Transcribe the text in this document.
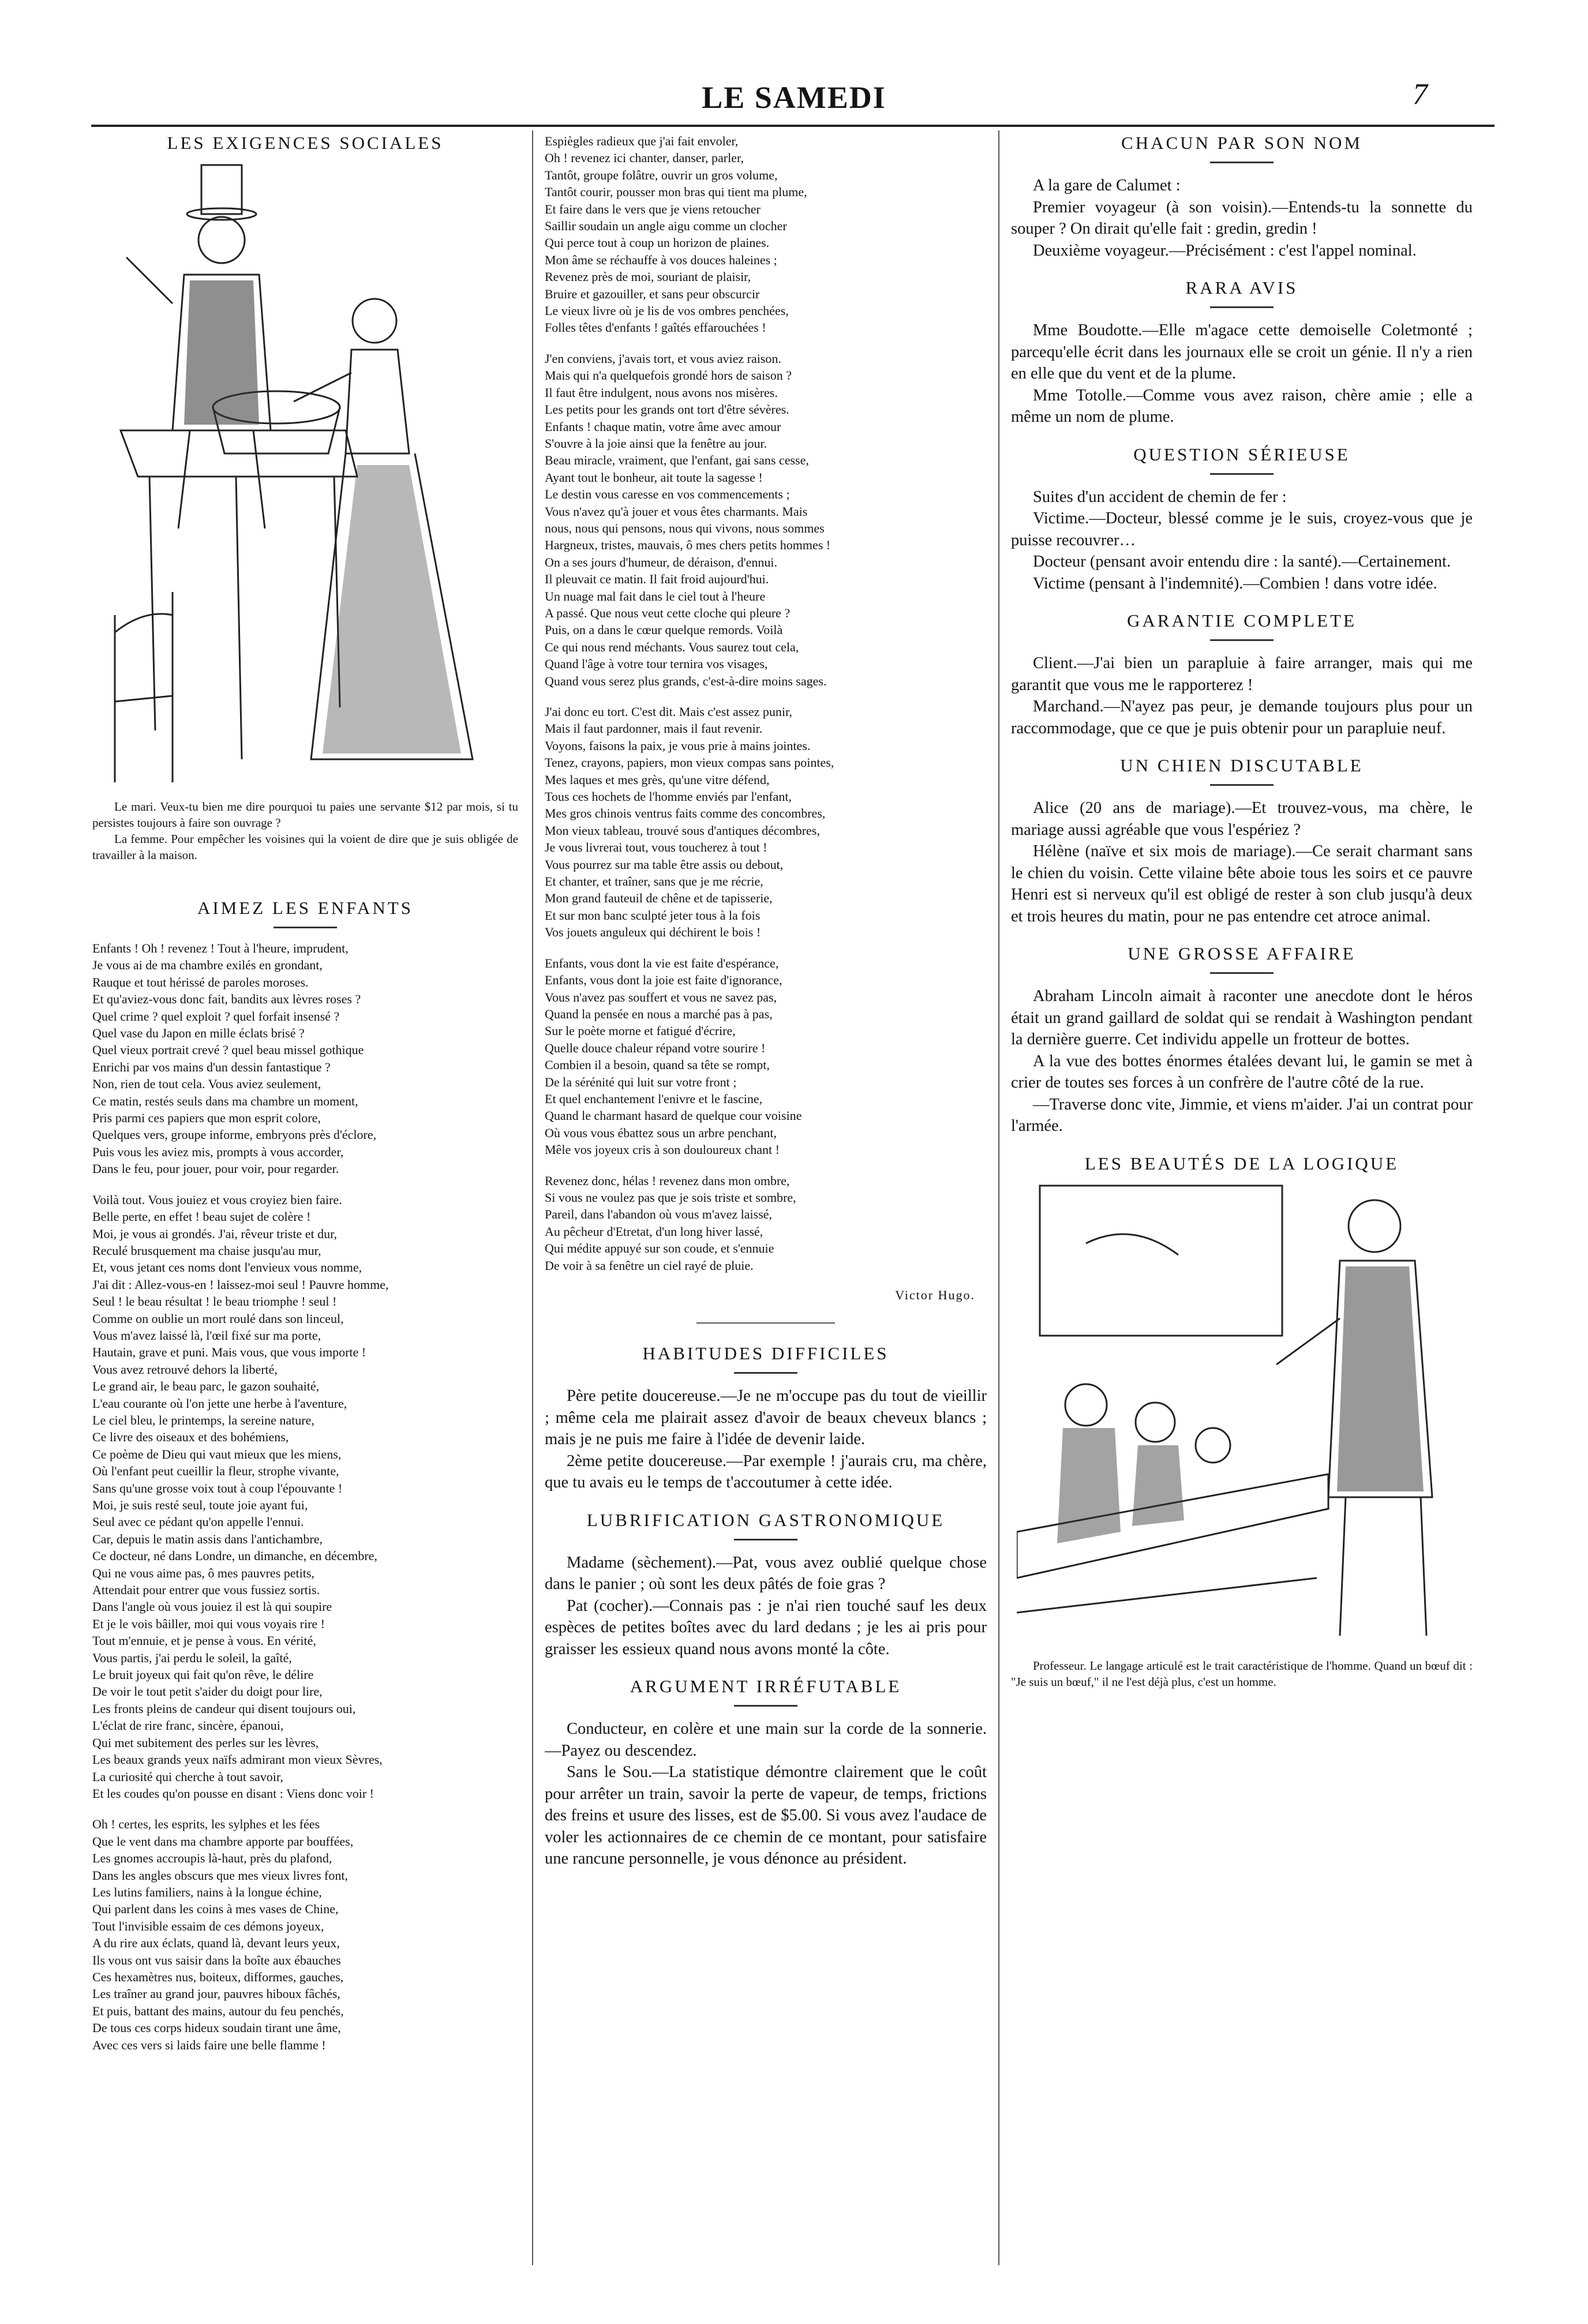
LE SAMEDI	7
LES EXIGENCES SOCIALES

Le mari. Veux-tu bien me dire pourquoi tu paies une servante $12 par mois, si tu persistes toujours à faire son ouvrage ?

La femme. Pour empêcher les voisines qui la voient de dire que je suis obligée de travailler à la maison.

AIMEZ LES ENFANTS

Enfants ! Oh ! revenez ! Tout à l'heure, imprudent,

Je vous ai de ma chambre exilés en grondant,

Rauque et tout hérissé de paroles moroses.

Et qu'aviez-vous donc fait, bandits aux lèvres roses ?

Quel crime ? quel exploit ? quel forfait insensé ?

Quel vase du Japon en mille éclats brisé ?

Quel vieux portrait crevé ? quel beau missel gothique

Enrichi par vos mains d'un dessin fantastique ?

Non, rien de tout cela. Vous aviez seulement,

Ce matin, restés seuls dans ma chambre un moment,

Pris parmi ces papiers que mon esprit colore,

Quelques vers, groupe informe, embryons près d'éclore,

Puis vous les aviez mis, prompts à vous accorder,

Dans le feu, pour jouer, pour voir, pour regarder.

Voilà tout. Vous jouiez et vous croyiez bien faire.

Belle perte, en effet ! beau sujet de colère !

Moi, je vous ai grondés. J'ai, rêveur triste et dur,

Reculé brusquement ma chaise jusqu'au mur,

Et, vous jetant ces noms dont l'envieux vous nomme,

J'ai dit : Allez-vous-en ! laissez-moi seul ! Pauvre homme,

Seul ! le beau résultat ! le beau triomphe ! seul !

Comme on oublie un mort roulé dans son linceul,

Vous m'avez laissé là, l'œil fixé sur ma porte,

Hautain, grave et puni. Mais vous, que vous importe !

Vous avez retrouvé dehors la liberté,

Le grand air, le beau parc, le gazon souhaité,

L'eau courante où l'on jette une herbe à l'aventure,

Le ciel bleu, le printemps, la sereine nature,

Ce livre des oiseaux et des bohémiens,

Ce poème de Dieu qui vaut mieux que les miens,

Où l'enfant peut cueillir la fleur, strophe vivante,

Sans qu'une grosse voix tout à coup l'épouvante !

Moi, je suis resté seul, toute joie ayant fui,

Seul avec ce pédant qu'on appelle l'ennui.

Car, depuis le matin assis dans l'antichambre,

Ce docteur, né dans Londre, un dimanche, en décembre,

Qui ne vous aime pas, ô mes pauvres petits,

Attendait pour entrer que vous fussiez sortis.

Dans l'angle où vous jouiez il est là qui soupire

Et je le vois bâiller, moi qui vous voyais rire !

Tout m'ennuie, et je pense à vous. En vérité,

Vous partis, j'ai perdu le soleil, la gaîté,

Le bruit joyeux qui fait qu'on rêve, le délire

De voir le tout petit s'aider du doigt pour lire,

Les fronts pleins de candeur qui disent toujours oui,

L'éclat de rire franc, sincère, épanoui,

Qui met subitement des perles sur les lèvres,

Les beaux grands yeux naïfs admirant mon vieux Sèvres,

La curiosité qui cherche à tout savoir,

Et les coudes qu'on pousse en disant : Viens donc voir !

Oh ! certes, les esprits, les sylphes et les fées

Que le vent dans ma chambre apporte par bouffées,

Les gnomes accroupis là-haut, près du plafond,

Dans les angles obscurs que mes vieux livres font,

Les lutins familiers, nains à la longue échine,

Qui parlent dans les coins à mes vases de Chine,

Tout l'invisible essaim de ces démons joyeux,

A du rire aux éclats, quand là, devant leurs yeux,

Ils vous ont vus saisir dans la boîte aux ébauches

Ces hexamètres nus, boiteux, difformes, gauches,

Les traîner au grand jour, pauvres hiboux fâchés,

Et puis, battant des mains, autour du feu penchés,

De tous ces corps hideux soudain tirant une âme,

Avec ces vers si laids faire une belle flamme !

Espiègles radieux que j'ai fait envoler,

Oh ! revenez ici chanter, danser, parler,

Tantôt, groupe folâtre, ouvrir un gros volume,

Tantôt courir, pousser mon bras qui tient ma plume,

Et faire dans le vers que je viens retoucher

Saillir soudain un angle aigu comme un clocher

Qui perce tout à coup un horizon de plaines.

Mon âme se réchauffe à vos douces haleines ;

Revenez près de moi, souriant de plaisir,

Bruire et gazouiller, et sans peur obscurcir

Le vieux livre où je lis de vos ombres penchées,

Folles têtes d'enfants ! gaîtés effarouchées !

J'en conviens, j'avais tort, et vous aviez raison.

Mais qui n'a quelquefois grondé hors de saison ?

Il faut être indulgent, nous avons nos misères.

Les petits pour les grands ont tort d'être sévères.

Enfants ! chaque matin, votre âme avec amour

S'ouvre à la joie ainsi que la fenêtre au jour.

Beau miracle, vraiment, que l'enfant, gai sans cesse,

Ayant tout le bonheur, ait toute la sagesse !

Le destin vous caresse en vos commencements ;

Vous n'avez qu'à jouer et vous êtes charmants. Mais

nous, nous qui pensons, nous qui vivons, nous sommes

Hargneux, tristes, mauvais, ô mes chers petits hommes !

On a ses jours d'humeur, de déraison, d'ennui.

Il pleuvait ce matin. Il fait froid aujourd'hui.

Un nuage mal fait dans le ciel tout à l'heure

A passé. Que nous veut cette cloche qui pleure ?

Puis, on a dans le cœur quelque remords. Voilà

Ce qui nous rend méchants. Vous saurez tout cela,

Quand l'âge à votre tour ternira vos visages,

Quand vous serez plus grands, c'est-à-dire moins sages.

J'ai donc eu tort. C'est dit. Mais c'est assez punir,

Mais il faut pardonner, mais il faut revenir.

Voyons, faisons la paix, je vous prie à mains jointes.

Tenez, crayons, papiers, mon vieux compas sans pointes,

Mes laques et mes grès, qu'une vitre défend,

Tous ces hochets de l'homme enviés par l'enfant,

Mes gros chinois ventrus faits comme des concombres,

Mon vieux tableau, trouvé sous d'antiques décombres,

Je vous livrerai tout, vous toucherez à tout !

Vous pourrez sur ma table être assis ou debout,

Et chanter, et traîner, sans que je me récrie,

Mon grand fauteuil de chêne et de tapisserie,

Et sur mon banc sculpté jeter tous à la fois

Vos jouets anguleux qui déchirent le bois !

Enfants, vous dont la vie est faite d'espérance,

Enfants, vous dont la joie est faite d'ignorance,

Vous n'avez pas souffert et vous ne savez pas,

Quand la pensée en nous a marché pas à pas,

Sur le poète morne et fatigué d'écrire,

Quelle douce chaleur répand votre sourire !

Combien il a besoin, quand sa tête se rompt,

De la sérénité qui luit sur votre front ;

Et quel enchantement l'enivre et le fascine,

Quand le charmant hasard de quelque cour voisine

Où vous vous ébattez sous un arbre penchant,

Mêle vos joyeux cris à son douloureux chant !

Revenez donc, hélas ! revenez dans mon ombre,

Si vous ne voulez pas que je sois triste et sombre,

Pareil, dans l'abandon où vous m'avez laissé,

Au pêcheur d'Etretat, d'un long hiver lassé,

Qui médite appuyé sur son coude, et s'ennuie

De voir à sa fenêtre un ciel rayé de pluie.

Victor Hugo.
HABITUDES DIFFICILES

Père petite doucereuse.—Je ne m'occupe pas du tout de vieillir ; même cela me plairait assez d'avoir de beaux cheveux blancs ; mais je ne puis me faire à l'idée de devenir laide.

2ème petite doucereuse.—Par exemple ! j'aurais cru, ma chère, que tu avais eu le temps de t'accoutumer à cette idée.

LUBRIFICATION GASTRONOMIQUE

Madame (sèchement).—Pat, vous avez oublié quelque chose dans le panier ; où sont les deux pâtés de foie gras ?

Pat (cocher).—Connais pas : je n'ai rien touché sauf les deux espèces de petites boîtes avec du lard dedans ; je les ai pris pour graisser les essieux quand nous avons monté la côte.

ARGUMENT IRRÉFUTABLE

Conducteur, en colère et une main sur la corde de la sonnerie.—Payez ou descendez.

Sans le Sou.—La statistique démontre clairement que le coût pour arrêter un train, savoir la perte de vapeur, de temps, frictions des freins et usure des lisses, est de $5.00. Si vous avez l'audace de voler les actionnaires de ce chemin de ce montant, pour satisfaire une rancune personnelle, je vous dénonce au président.

CHACUN PAR SON NOM

A la gare de Calumet :

Premier voyageur (à son voisin).—Entends-tu la sonnette du souper ? On dirait qu'elle fait : gredin, gredin !

Deuxième voyageur.—Précisément : c'est l'appel nominal.

RARA AVIS

Mme Boudotte.—Elle m'agace cette demoiselle Coletmonté ; parcequ'elle écrit dans les journaux elle se croit un génie. Il n'y a rien en elle que du vent et de la plume.

Mme Totolle.—Comme vous avez raison, chère amie ; elle a même un nom de plume.

QUESTION SÉRIEUSE

Suites d'un accident de chemin de fer :

Victime.—Docteur, blessé comme je le suis, croyez-vous que je puisse recouvrer…

Docteur (pensant avoir entendu dire : la santé).—Certainement.

Victime (pensant à l'indemnité).—Combien ! dans votre idée.

GARANTIE COMPLETE

Client.—J'ai bien un parapluie à faire arranger, mais qui me garantit que vous me le rapporterez !

Marchand.—N'ayez pas peur, je demande toujours plus pour un raccommodage, que ce que je puis obtenir pour un parapluie neuf.

UN CHIEN DISCUTABLE

Alice (20 ans de mariage).—Et trouvez-vous, ma chère, le mariage aussi agréable que vous l'espériez ?

Hélène (naïve et six mois de mariage).—Ce serait charmant sans le chien du voisin. Cette vilaine bête aboie tous les soirs et ce pauvre Henri est si nerveux qu'il est obligé de rester à son club jusqu'à deux et trois heures du matin, pour ne pas entendre cet atroce animal.

UNE GROSSE AFFAIRE

Abraham Lincoln aimait à raconter une anecdote dont le héros était un grand gaillard de soldat qui se rendait à Washington pendant la dernière guerre. Cet individu appelle un frotteur de bottes.

A la vue des bottes énormes étalées devant lui, le gamin se met à crier de toutes ses forces à un confrère de l'autre côté de la rue.

—Traverse donc vite, Jimmie, et viens m'aider. J'ai un contrat pour l'armée.

LES BEAUTÉS DE LA LOGIQUE

Professeur. Le langage articulé est le trait caractéristique de l'homme. Quand un bœuf dit : "Je suis un bœuf," il ne l'est déjà plus, c'est un homme.
